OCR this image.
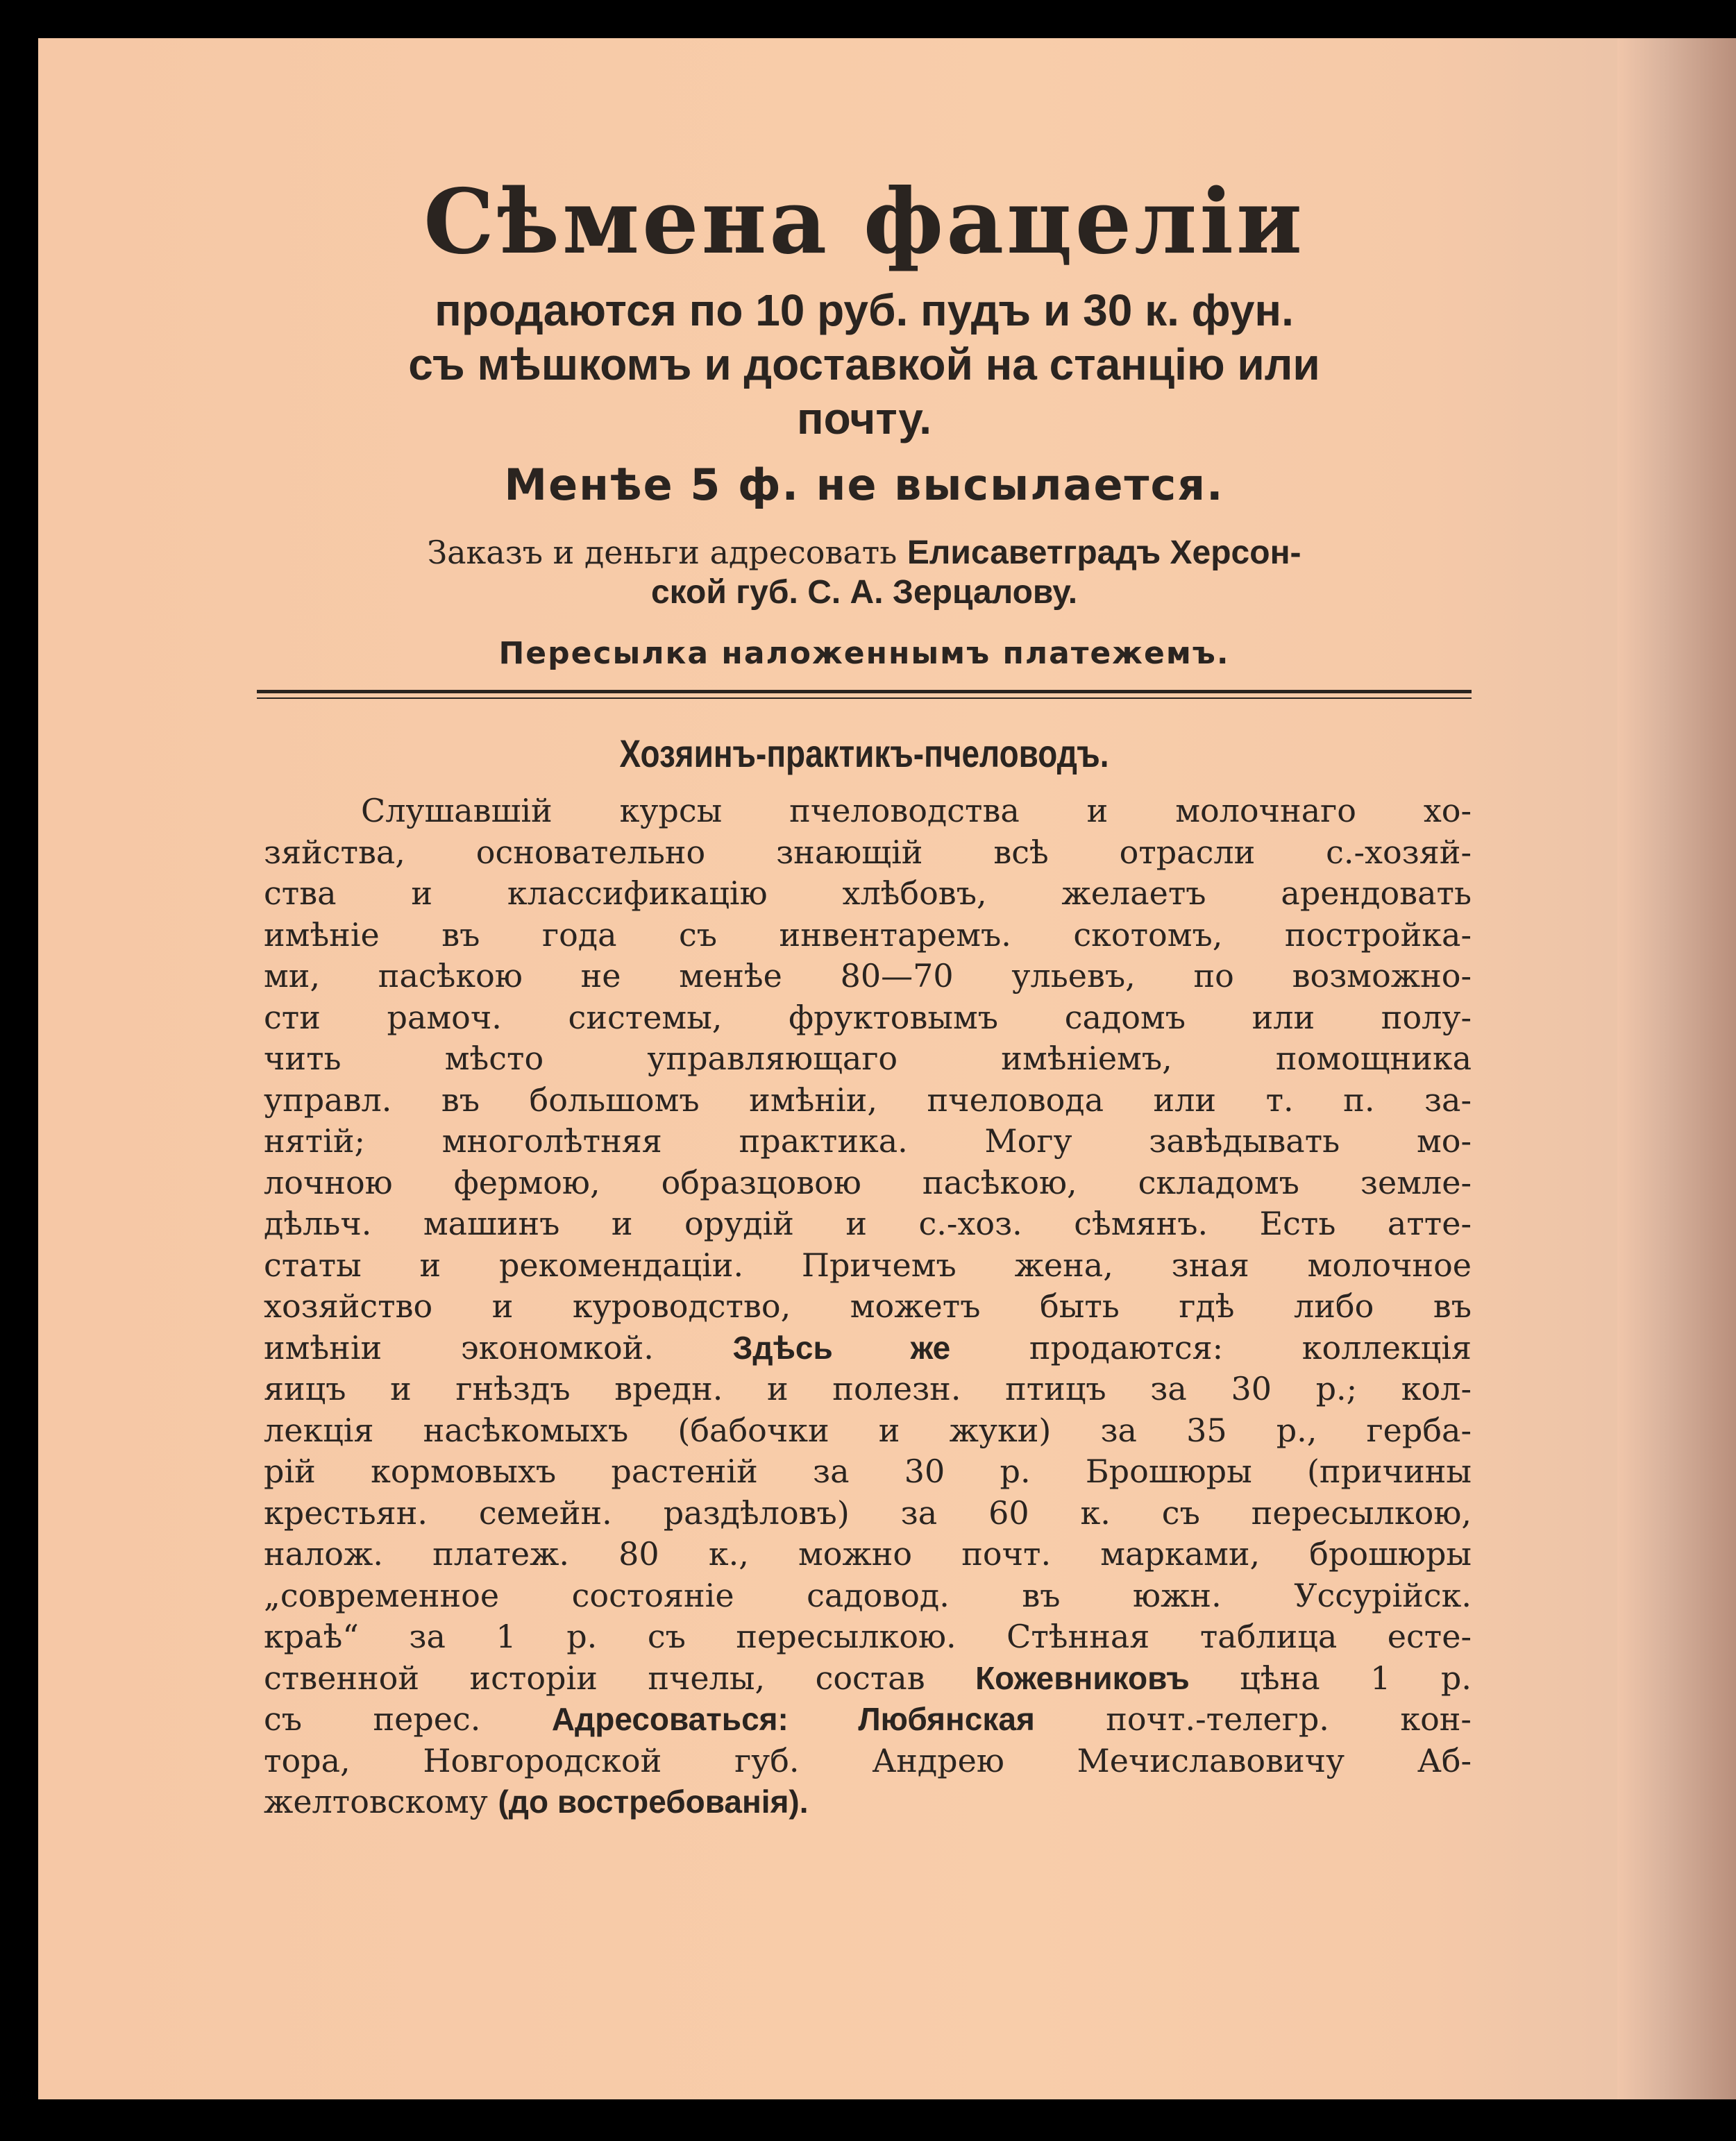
Сѣмена фацеліи
продаются по 10 руб. пудъ и 30 к. фун.
съ мѣшкомъ и доставкой на станцію или
почту.
Менѣе 5 ф. не высылается.
Заказъ и деньги адресовать Елисаветградъ Херсон-
ской губ. С. А. Зерцалову.
Пересылка наложеннымъ платежемъ.
Хозяинъ-практикъ-пчеловодъ.
Слушавшій курсы пчеловодства и молочнаго хо-
зяйства, основательно знающій всѣ отрасли с.-хозяй-
ства и классификацію хлѣбовъ, желаетъ арендовать
имѣніе въ года съ инвентаремъ. скотомъ, постройка-
ми, пасѣкою не менѣе 80—70 ульевъ, по возможно-
сти рамоч. системы, фруктовымъ садомъ или полу-
чить мѣсто управляющаго имѣніемъ, помощника
управл. въ большомъ имѣніи, пчеловода или т. п. за-
нятій; многолѣтняя практика. Могу завѣдывать мо-
лочною фермою, образцовою пасѣкою, складомъ земле-
дѣльч. машинъ и орудій и с.-хоз. сѣмянъ. Есть атте-
статы и рекомендаціи. Причемъ жена, зная молочное
хозяйство и куроводство, можетъ быть гдѣ либо въ
имѣніи экономкой. Здѣсь же продаются: коллекція
яицъ и гнѣздъ вредн. и полезн. птицъ за 30 р.; кол-
лекція насѣкомыхъ (бабочки и жуки) за 35 р., герба-
рій кормовыхъ растеній за 30 р. Брошюры (причины
крестьян. семейн. раздѣловъ) за 60 к. съ пересылкою,
налож. платеж. 80 к., можно почт. марками, брошюры
„современное состояніе садовод. въ южн. Уссурійск.
краѣ“ за 1 р. съ пересылкою. Стѣнная таблица есте-
ственной исторіи пчелы, состав Кожевниковъ цѣна 1 р.
съ перес. Адресоваться: Любянская почт.-телегр. кон-
тора, Новгородской губ. Андрею Мечиславовичу Аб-
желтовскому (до востребованія).
